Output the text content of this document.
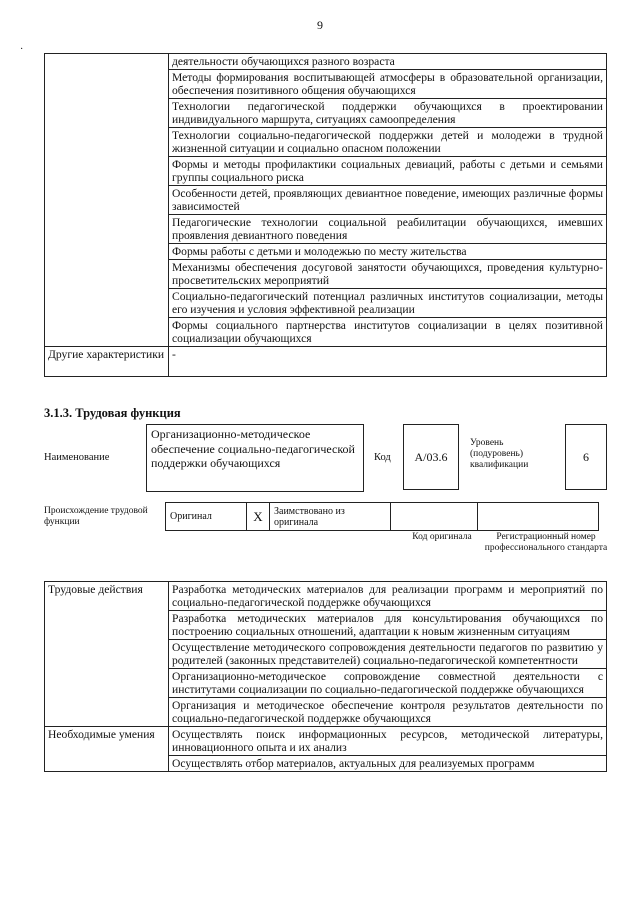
9
·
	деятельности обучающихся разного возраста
	Методы формирования воспитывающей атмосферы в образовательной организации, обеспечения позитивного общения обучающихся
	Технологии педагогической поддержки обучающихся в проектировании индивидуального маршрута, ситуациях самоопределения
	Технологии социально-педагогической поддержки детей и молодежи в трудной жизненной ситуации и социально опасном положении
	Формы и методы профилактики социальных девиаций, работы с детьми и семьями группы социального риска
	Особенности детей, проявляющих девиантное поведение, имеющих различные формы зависимостей
	Педагогические технологии социальной реабилитации обучающихся, имевших проявления девиантного поведения
	Формы работы с детьми и молодежью по месту жительства
	Механизмы обеспечения досуговой занятости обучающихся, проведения культурно-просветительских мероприятий
	Социально-педагогический потенциал различных институтов социализации, методы его изучения и условия эффективной реализации
	Формы социального партнерства институтов социализации в целях позитивной социализации обучающихся
Другие характеристики	-
3.1.3. Трудовая функция
Наименование
Организационно-методическое обеспечение социально-педагогической поддержки обучающихся	Код	A/03.6
Уровень (подуровень) квалификации
6
Происхождение трудовой функции	Оригинал	X	Заимствовано из оригинала		
Код оригинала	Регистрационный номер профессионального стандарта
Трудовые действия	Разработка методических материалов для реализации программ и мероприятий по социально-педагогической поддержке обучающихся
	Разработка методических материалов для консультирования обучающихся по построению социальных отношений, адаптации к новым жизненным ситуациям
	Осуществление методического сопровождения деятельности педагогов по развитию у родителей (законных представителей) социально-педагогической компетентности
	Организационно-методическое сопровождение совместной деятельности с институтами социализации по социально-педагогической поддержке обучающихся
	Организация и методическое обеспечение контроля результатов деятельности по социально-педагогической поддержке обучающихся
Необходимые умения	Осуществлять поиск информационных ресурсов, методической литературы, инновационного опыта и их анализ
	Осуществлять отбор материалов, актуальных для реализуемых программ
